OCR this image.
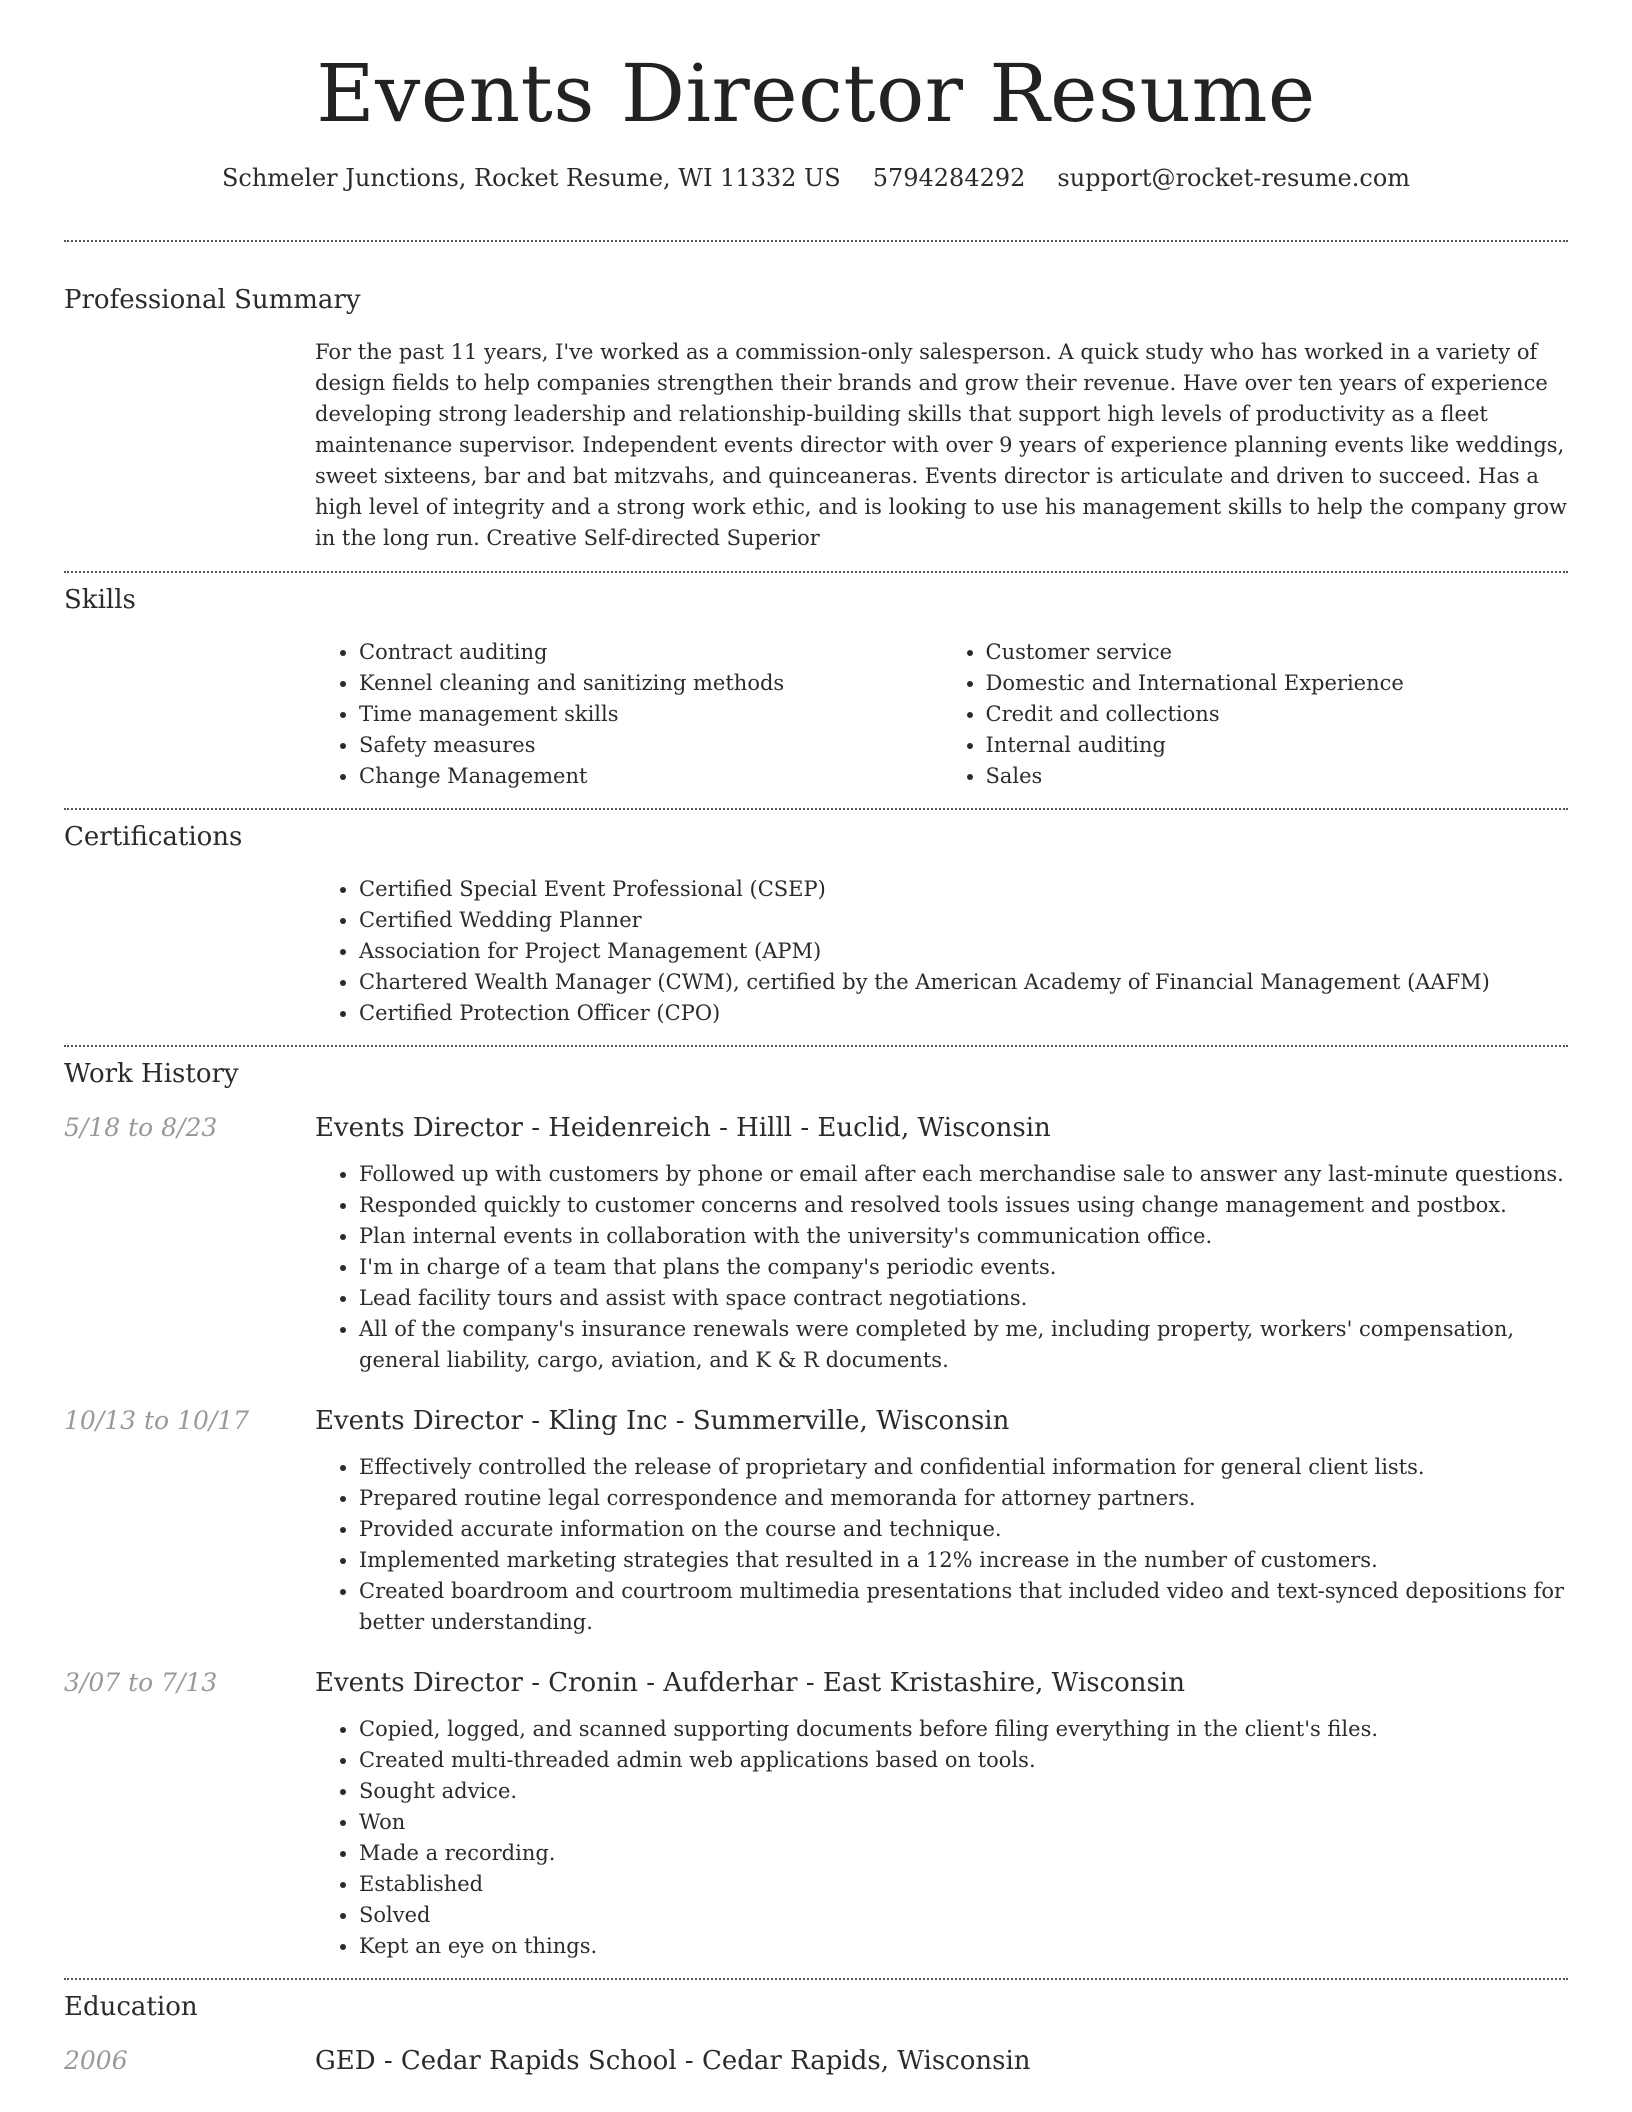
Events Director Resume
Schmeler Junctions, Rocket Resume, WI 11332 US 5794284292 support@rocket-resume.com
Professional Summary

For the past 11 years, I've worked as a commission-only salesperson. A quick study who has worked in a variety of design fields to help companies strengthen their brands and grow their revenue. Have over ten years of experience developing strong leadership and relationship-building skills that support high levels of productivity as a fleet maintenance supervisor. Independent events director with over 9 years of experience planning events like weddings, sweet sixteens, bar and bat mitzvahs, and quinceaneras. Events director is articulate and driven to succeed. Has a high level of integrity and a strong work ethic, and is looking to use his management skills to help the company grow in the long run. Creative Self-directed Superior

Skills
• Contract auditing
• Kennel cleaning and sanitizing methods
• Time management skills
• Safety measures
• Change Management
• Customer service
• Domestic and International Experience
• Credit and collections
• Internal auditing
• Sales
Certifications
• Certified Special Event Professional (CSEP)
• Certified Wedding Planner
• Association for Project Management (APM)
• Chartered Wealth Manager (CWM), certified by the American Academy of Financial Management (AAFM)
• Certified Protection Officer (CPO)
Work History
5/18 to 8/23	Events Director - Heidenreich - Hilll - Euclid, Wisconsin
• Followed up with customers by phone or email after each merchandise sale to answer any last-minute questions.
• Responded quickly to customer concerns and resolved tools issues using change management and postbox.
• Plan internal events in collaboration with the university's communication office.
• I'm in charge of a team that plans the company's periodic events.
• Lead facility tours and assist with space contract negotiations.
• All of the company's insurance renewals were completed by me, including property, workers' compensation, general liability, cargo, aviation, and K & R documents.
10/13 to 10/17	Events Director - Kling Inc - Summerville, Wisconsin
• Effectively controlled the release of proprietary and confidential information for general client lists.
• Prepared routine legal correspondence and memoranda for attorney partners.
• Provided accurate information on the course and technique.
• Implemented marketing strategies that resulted in a 12% increase in the number of customers.
• Created boardroom and courtroom multimedia presentations that included video and text-synced depositions for better understanding.
3/07 to 7/13	Events Director - Cronin - Aufderhar - East Kristashire, Wisconsin
• Copied, logged, and scanned supporting documents before filing everything in the client's files.
• Created multi-threaded admin web applications based on tools.
• Sought advice.
• Won
• Made a recording.
• Established
• Solved
• Kept an eye on things.
Education
2006	GED - Cedar Rapids School - Cedar Rapids, Wisconsin
